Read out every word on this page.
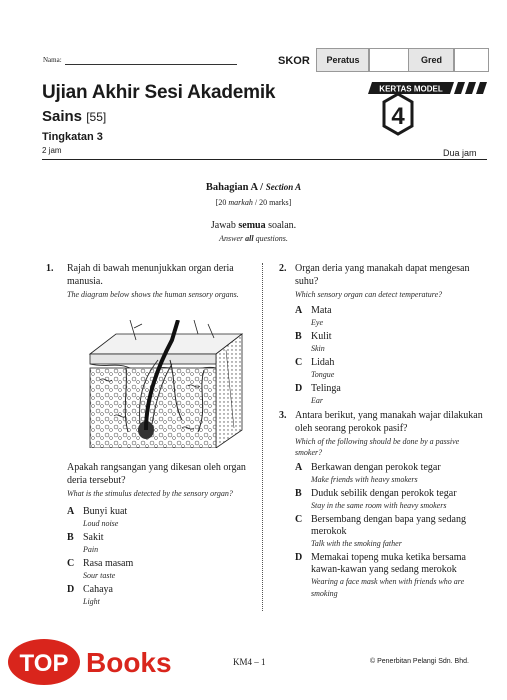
Nama:	SKOR	Peratus	Gred
Ujian Akhir Sesi Akademik
Sains [55]
Tingkatan 3
2 jam	Dua jam
KERTAS MODEL
4
Bahagian A / Section A
[20 markah / 20 marks]
Jawab semua soalan.
Answer all questions.
1. Rajah di bawah menunjukkan organ deria manusia.
The diagram below shows the human sensory organs.
Apakah rangsangan yang dikesan oleh organ deria tersebut?
What is the stimulus detected by the sensory organ?
A Bunyi kuat
Loud noise
B Sakit
Pain
C Rasa masam
Sour taste
D Cahaya
Light
2. Organ deria yang manakah dapat mengesan suhu?
Which sensory organ can detect temperature?
A Mata
Eye
B Kulit
Skin
C Lidah
Tongue
D Telinga
Ear
3. Antara berikut, yang manakah wajar dilakukan oleh seorang perokok pasif?
Which of the following should be done by a passive smoker?
A Berkawan dengan perokok tegar
Make friends with heavy smokers
B Duduk sebilik dengan perokok tegar
Stay in the same room with heavy smokers
C Bersembang dengan bapa yang sedang merokok
Talk with the smoking father
D Memakai topeng muka ketika bersama kawan-kawan yang sedang merokok
Wearing a face mask when with friends who are smoking
KM4 – 1	© Penerbitan Pelangi Sdn. Bhd.
TOP Books
